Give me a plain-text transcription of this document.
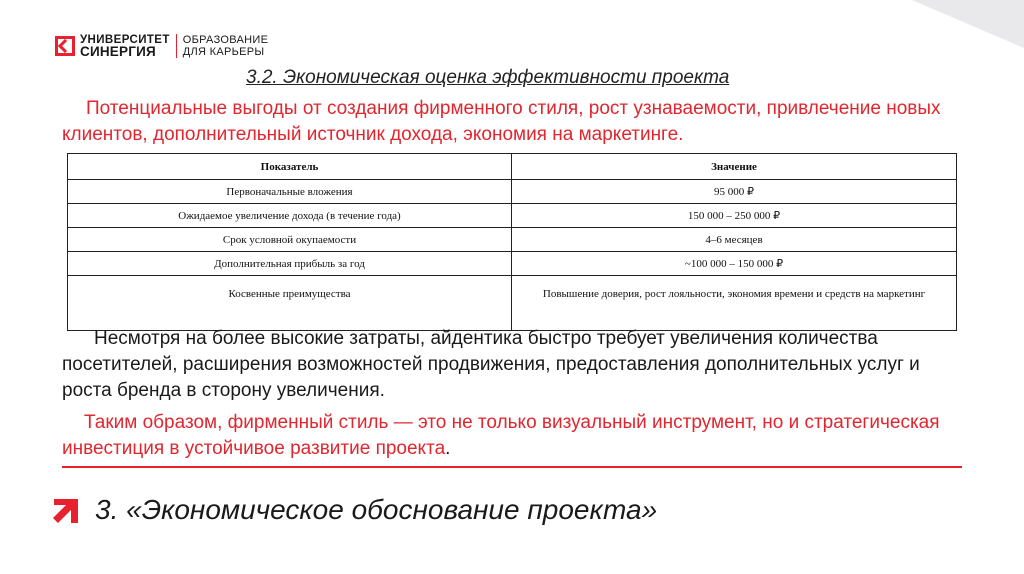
УНИВЕРСИТЕТ
СИНЕРГИЯ
ОБРАЗОВАНИЕ
ДЛЯ КАРЬЕРЫ
3.2. Экономическая оценка эффективности проекта

Потенциальные выгоды от создания фирменного стиля, рост узнаваемости, привлечение новых клиентов, дополнительный источник дохода, экономия на маркетинге.

Показатель	Значение
Первоначальные вложения	95 000 ₽
Ожидаемое увеличение дохода (в течение года)	150 000 – 250 000 ₽
Срок условной окупаемости	4–6 месяцев
Дополнительная прибыль за год	~100 000 – 150 000 ₽
Косвенные преимущества	Повышение доверия, рост лояльности, экономия времени и средств на маркетинг

Несмотря на более высокие затраты, айдентика быстро требует увеличения количества посетителей, расширения возможностей продвижения, предоставления дополнительных услуг и роста бренда в сторону увеличения.

Таким образом, фирменный стиль — это не только визуальный инструмент, но и стратегическая инвестиция в устойчивое развитие проекта.

3. «Экономическое обоснование проекта»
